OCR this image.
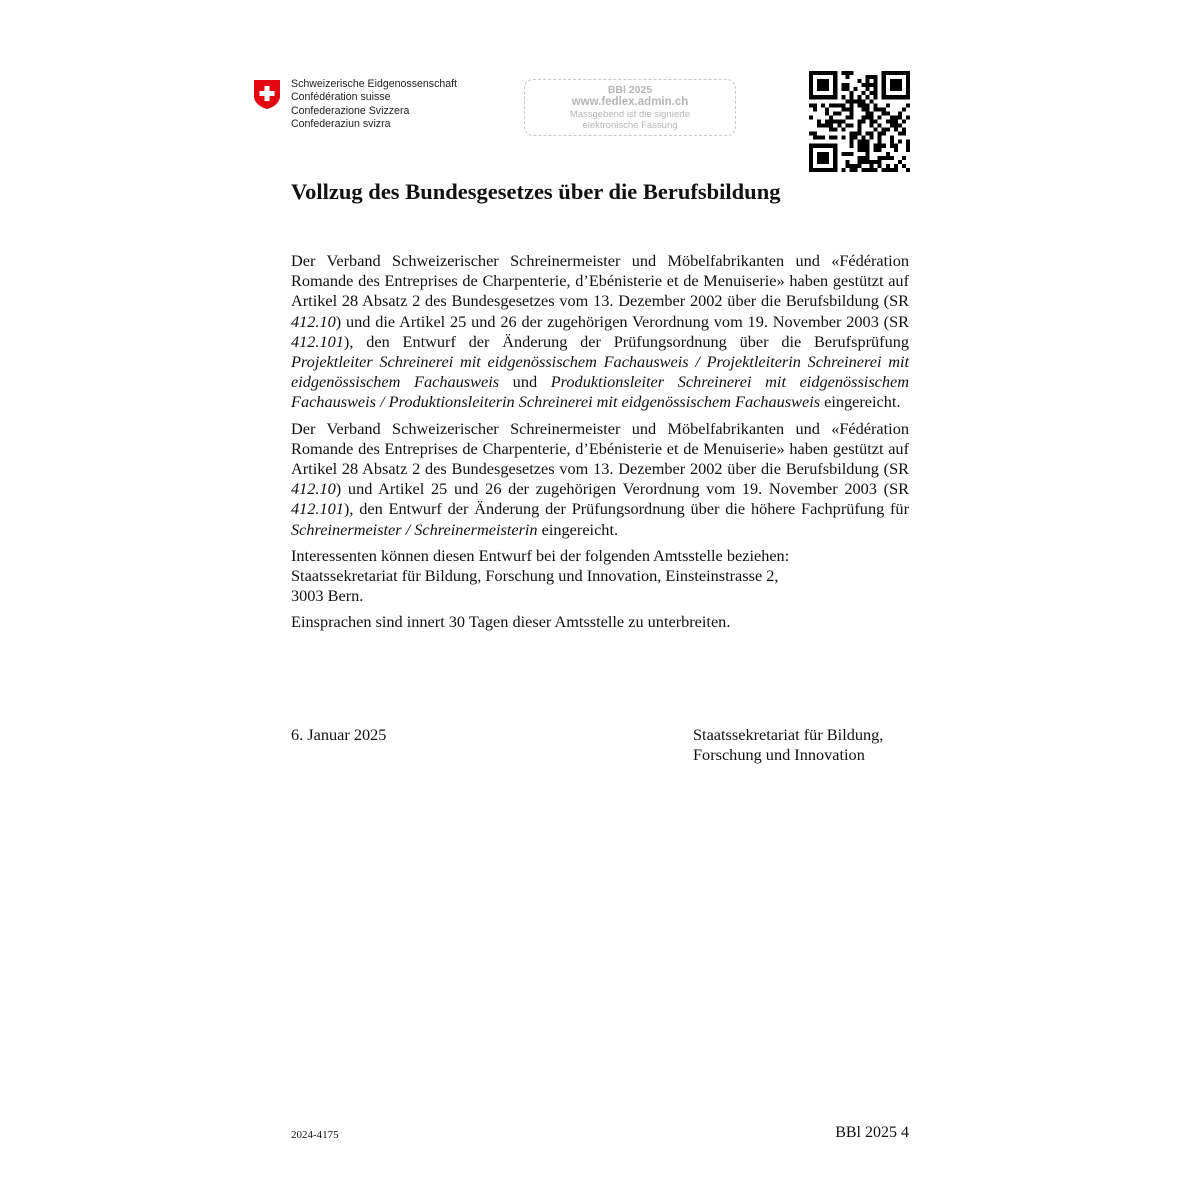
Schweizerische Eidgenossenschaft
Confédération suisse
Confederazione Svizzera
Confederaziun svizra
BBl 2025
www.fedlex.admin.ch
Massgebend ist die signierte
elektronische Fassung
Vollzug des Bundesgesetzes über die Berufsbildung

Der Verband Schweizerischer Schreinermeister und Möbelfabrikanten und «Fédération Romande des Entreprises de Charpenterie, d’Ebénisterie et de Menuiserie» haben gestützt auf Artikel 28 Absatz 2 des Bundesgesetzes vom 13. Dezember 2002 über die Berufsbildung (SR 412.10) und die Artikel 25 und 26 der zugehörigen Verordnung vom 19. November 2003 (SR 412.101), den Entwurf der Änderung der Prüfungsordnung über die Berufsprüfung Projektleiter Schreinerei mit eidgenössischem Fachausweis / Projektleiterin Schreinerei mit eidgenössischem Fachausweis und Produktionsleiter Schreinerei mit eidgenössischem Fachausweis / Produktionsleiterin Schreinerei mit eidgenössischem Fachausweis eingereicht.

Der Verband Schweizerischer Schreinermeister und Möbelfabrikanten und «Fédération Romande des Entreprises de Charpenterie, d’Ebénisterie et de Menuiserie» haben gestützt auf Artikel 28 Absatz 2 des Bundesgesetzes vom 13. Dezember 2002 über die Berufsbildung (SR 412.10) und Artikel 25 und 26 der zugehörigen Verordnung vom 19. November 2003 (SR 412.101), den Entwurf der Änderung der Prüfungsordnung über die höhere Fachprüfung für Schreinermeister / Schreinermeisterin eingereicht.

Interessenten können diesen Entwurf bei der folgenden Amtsstelle beziehen:
Staatssekretariat für Bildung, Forschung und Innovation, Einsteinstrasse 2,
3003 Bern.

Einsprachen sind innert 30 Tagen dieser Amtsstelle zu unterbreiten.

6. Januar 2025	Staatssekretariat für Bildung,
Forschung und Innovation
2024-4175	BBl 2025 4
